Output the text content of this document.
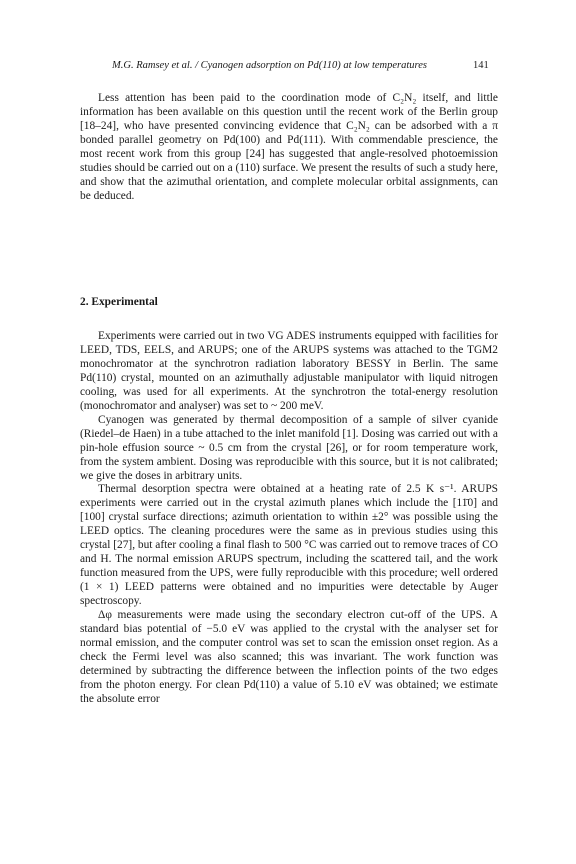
M.G. Ramsey et al. / Cyanogen adsorption on Pd(110) at low temperatures	141

Less attention has been paid to the coordination mode of C₂N₂ itself, and little information has been available on this question until the recent work of the Berlin group [18–24], who have presented convincing evidence that C₂N₂ can be adsorbed with a π bonded parallel geometry on Pd(100) and Pd(111). With commendable prescience, the most recent work from this group [24] has suggested that angle-resolved photoemission studies should be carried out on a (110) surface. We present the results of such a study here, and show that the azimuthal orientation, and complete molecular orbital assignments, can be deduced.

2. Experimental

Experiments were carried out in two VG ADES instruments equipped with facilities for LEED, TDS, EELS, and ARUPS; one of the ARUPS systems was attached to the TGM2 monochromator at the synchrotron radiation laboratory BESSY in Berlin. The same Pd(110) crystal, mounted on an azimuthally adjustable manipulator with liquid nitrogen cooling, was used for all experiments. At the synchrotron the total-energy resolution (monochromator and analyser) was set to ~ 200 meV.

Cyanogen was generated by thermal decomposition of a sample of silver cyanide (Riedel–de Haen) in a tube attached to the inlet manifold [1]. Dosing was carried out with a pin-hole effusion source ~ 0.5 cm from the crystal [26], or for room temperature work, from the system ambient. Dosing was reproducible with this source, but it is not calibrated; we give the doses in arbitrary units.

Thermal desorption spectra were obtained at a heating rate of 2.5 K s⁻¹. ARUPS experiments were carried out in the crystal azimuth planes which include the [11̄0] and [100] crystal surface directions; azimuth orientation to within ±2° was possible using the LEED optics. The cleaning procedures were the same as in previous studies using this crystal [27], but after cooling a final flash to 500 °C was carried out to remove traces of CO and H. The normal emission ARUPS spectrum, including the scattered tail, and the work function measured from the UPS, were fully reproducible with this procedure; well ordered (1 × 1) LEED patterns were obtained and no impurities were detectable by Auger spectroscopy.

Δφ measurements were made using the secondary electron cut-off of the UPS. A standard bias potential of −5.0 eV was applied to the crystal with the analyser set for normal emission, and the computer control was set to scan the emission onset region. As a check the Fermi level was also scanned; this was invariant. The work function was determined by subtracting the difference between the inflection points of the two edges from the photon energy. For clean Pd(110) a value of 5.10 eV was obtained; we estimate the absolute error
